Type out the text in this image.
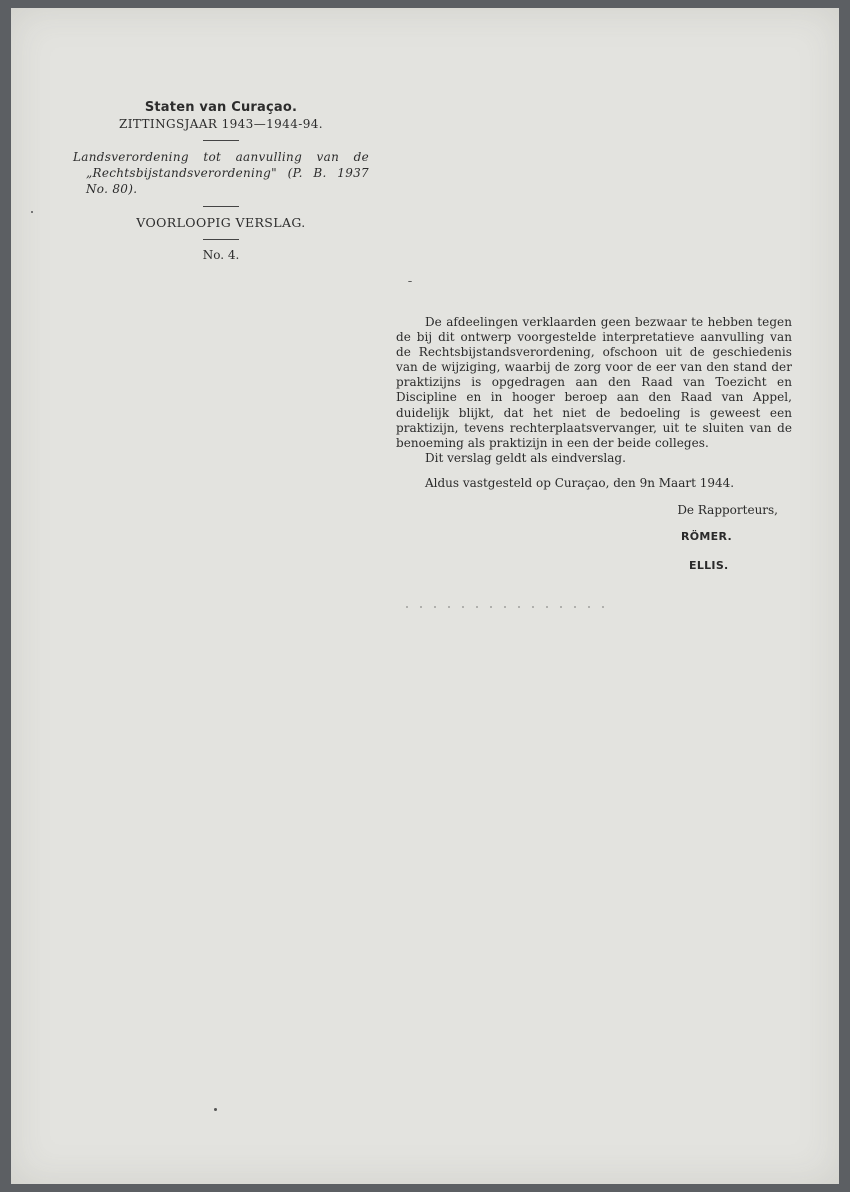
Staten van Curaçao.
ZITTINGSJAAR 1943—1944-94.
Landsverordening tot aanvulling van de
„Rechtsbijstandsverordening" (P. B. 1937
No. 80).
VOORLOOPIG VERSLAG.
No. 4.

De afdeelingen verklaarden geen bezwaar te hebben tegen de bij dit ontwerp voorgestelde interpretatieve aanvulling van de Rechtsbijstandsverordening, ofschoon uit de geschiedenis van de wijziging, waarbij de zorg voor de eer van den stand der praktizijns is opgedragen aan den Raad van Toezicht en Discipline en in hooger beroep aan den Raad van Appel, duidelijk blijkt, dat het niet de bedoeling is geweest een praktizijn, tevens rechterplaatsvervanger, uit te sluiten van de benoeming als praktizijn in een der beide colleges.

Dit verslag geldt als eindverslag.

Aldus vastgesteld op Curaçao, den 9n Maart 1944.

De Rapporteurs,
RÖMER.
ELLIS.
